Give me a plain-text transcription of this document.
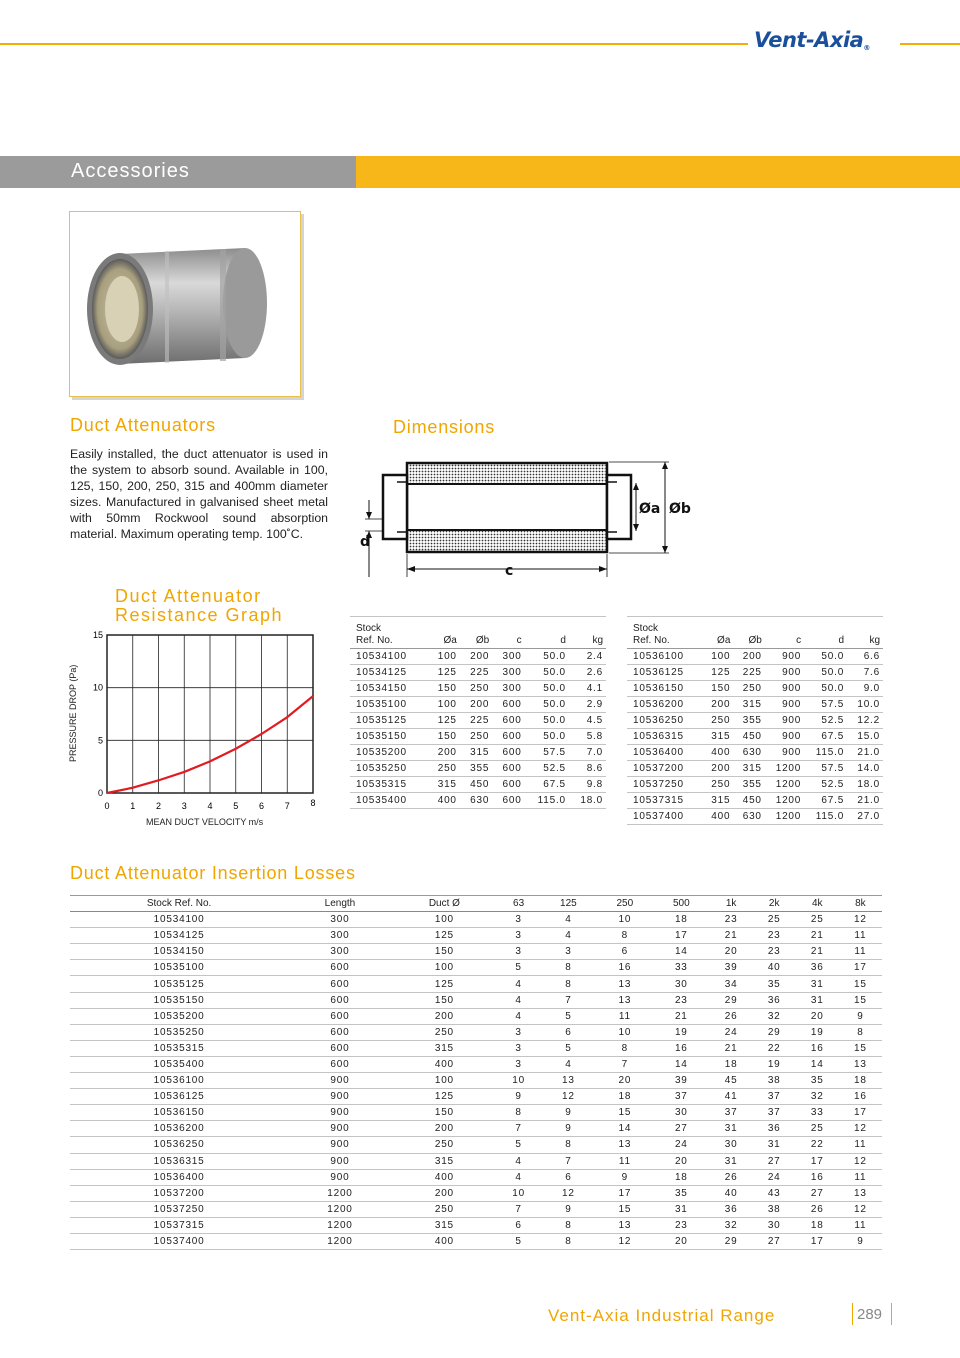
Vent-Axia®
Accessories
Duct Attenuators
Easily installed, the duct attenuator is used in the system to absorb sound. Available in 100, 125, 150, 200, 250, 315 and 400mm diameter sizes. Manufactured in galvanised sheet metal with 50mm Rockwool sound absorption material. Maximum operating temp. 100˚C.
Dimensions
Øa Øb
c
d
Duct Attenuator
Resistance Graph
0 1 2 3 4 5 6 7 8
0
5
10
15
PRESSURE DROP (Pa)
MEAN DUCT VELOCITY m/s
Stock					
Ref. No.	Øa	Øb	c	d	kg
10534100	100	200	300	50.0	2.4
10534125	125	225	300	50.0	2.6
10534150	150	250	300	50.0	4.1
10535100	100	200	600	50.0	2.9
10535125	125	225	600	50.0	4.5
10535150	150	250	600	50.0	5.8
10535200	200	315	600	57.5	7.0
10535250	250	355	600	52.5	8.6
10535315	315	450	600	67.5	9.8
10535400	400	630	600	115.0	18.0
Stock					
Ref. No.	Øa	Øb	c	d	kg
10536100	100	200	900	50.0	6.6
10536125	125	225	900	50.0	7.6
10536150	150	250	900	50.0	9.0
10536200	200	315	900	57.5	10.0
10536250	250	355	900	52.5	12.2
10536315	315	450	900	67.5	15.0
10536400	400	630	900	115.0	21.0
10537200	200	315	1200	57.5	14.0
10537250	250	355	1200	52.5	18.0
10537315	315	450	1200	67.5	21.0
10537400	400	630	1200	115.0	27.0
Duct Attenuator Insertion Losses
Stock Ref. No.	Length	Duct Ø	63	125	250	500	1k	2k	4k	8k
10534100	300	100	3	4	10	18	23	25	25	12
10534125	300	125	3	4	8	17	21	23	21	11
10534150	300	150	3	3	6	14	20	23	21	11
10535100	600	100	5	8	16	33	39	40	36	17
10535125	600	125	4	8	13	30	34	35	31	15
10535150	600	150	4	7	13	23	29	36	31	15
10535200	600	200	4	5	11	21	26	32	20	9
10535250	600	250	3	6	10	19	24	29	19	8
10535315	600	315	3	5	8	16	21	22	16	15
10535400	600	400	3	4	7	14	18	19	14	13
10536100	900	100	10	13	20	39	45	38	35	18
10536125	900	125	9	12	18	37	41	37	32	16
10536150	900	150	8	9	15	30	37	37	33	17
10536200	900	200	7	9	14	27	31	36	25	12
10536250	900	250	5	8	13	24	30	31	22	11
10536315	900	315	4	7	11	20	31	27	17	12
10536400	900	400	4	6	9	18	26	24	16	11
10537200	1200	200	10	12	17	35	40	43	27	13
10537250	1200	250	7	9	15	31	36	38	26	12
10537315	1200	315	6	8	13	23	32	30	18	11
10537400	1200	400	5	8	12	20	29	27	17	9
Vent-Axia Industrial Range	289
